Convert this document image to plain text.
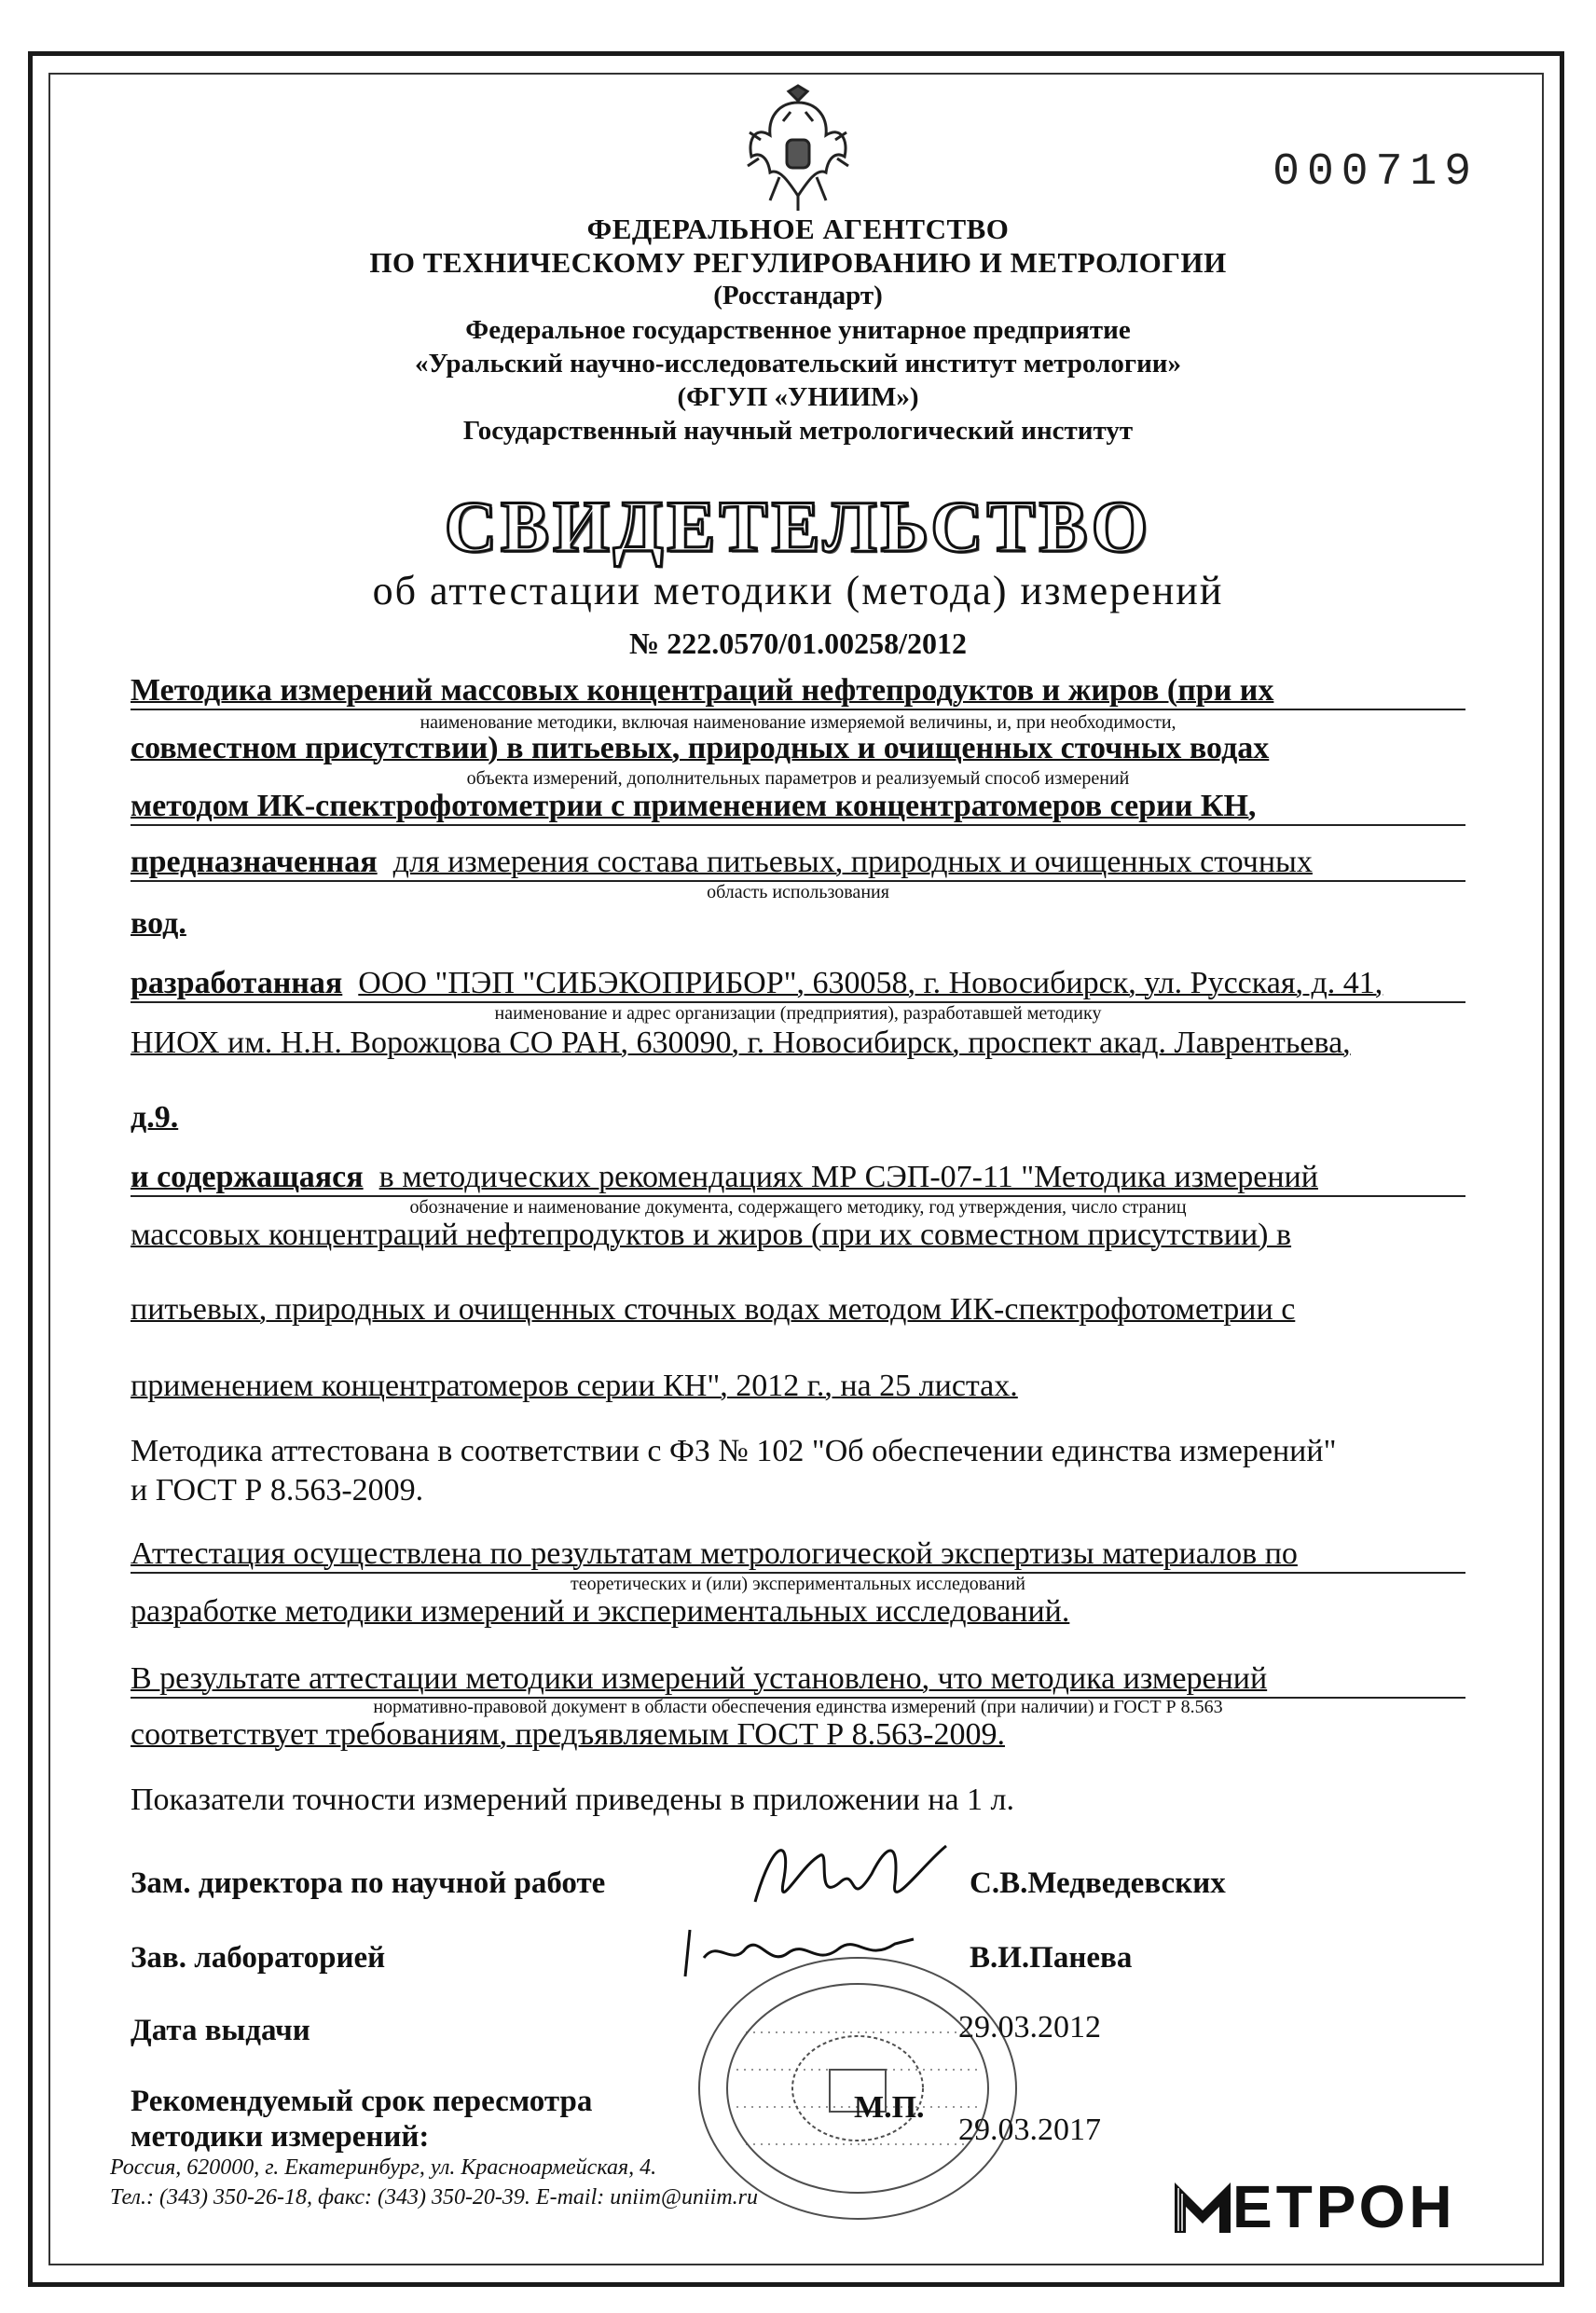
000719
ФЕДЕРАЛЬНОЕ АГЕНТСТВО
ПО ТЕХНИЧЕСКОМУ РЕГУЛИРОВАНИЮ И МЕТРОЛОГИИ
(Росстандарт)
Федеральное государственное унитарное предприятие
«Уральский научно-исследовательский институт метрологии»
(ФГУП «УНИИМ»)
Государственный научный метрологический институт
СВИДЕТЕЛЬСТВО
об аттестации методики (метода) измерений
№ 222.0570/01.00258/2012
Методика измерений массовых концентраций нефтепродуктов и жиров (при их
наименование методики, включая наименование измеряемой величины, и, при необходимости,
совместном присутствии) в питьевых, природных и очищенных сточных водах
объекта измерений, дополнительных параметров и реализуемый способ измерений
методом ИК-спектрофотометрии с применением концентратомеров серии КН,
предназначенная для измерения состава питьевых, природных и очищенных сточных
область использования
вод.
разработанная ООО "ПЭП "СИБЭКОПРИБОР", 630058, г. Новосибирск, ул. Русская, д. 41,
наименование и адрес организации (предприятия), разработавшей методику
НИОХ им. Н.Н. Ворожцова СО РАН, 630090, г. Новосибирск, проспект акад. Лаврентьева,
д.9.
и содержащаяся в методических рекомендациях МР СЭП-07-11 "Методика измерений
обозначение и наименование документа, содержащего методику, год утверждения, число страниц
массовых концентраций нефтепродуктов и жиров (при их совместном присутствии) в
питьевых, природных и очищенных сточных водах методом ИК-спектрофотометрии с
применением концентратомеров серии КН", 2012 г., на 25 листах.
Методика аттестована в соответствии с ФЗ № 102 "Об обеспечении единства измерений"
и ГОСТ Р 8.563-2009.
Аттестация осуществлена по результатам метрологической экспертизы материалов по
теоретических и (или) экспериментальных исследований
разработке методики измерений и экспериментальных исследований.
В результате аттестации методики измерений установлено, что методика измерений
нормативно-правовой документ в области обеспечения единства измерений (при наличии) и ГОСТ Р 8.563
соответствует требованиям, предъявляемым ГОСТ Р 8.563-2009.
Показатели точности измерений приведены в приложении на 1 л.
Зам. директора по научной работе	С.В.Медведевских
Зав. лабораторией	В.И.Панева
Дата выдачи	29.03.2012
Рекомендуемый срок пересмотра
методики измерений:	29.03.2017
М.П.
Россия, 620000, г. Екатеринбург, ул. Красноармейская, 4.
Тел.: (343) 350-26-18, факс: (343) 350-20-39. E-mail: uniim@uniim.ru	ЕТРОН
